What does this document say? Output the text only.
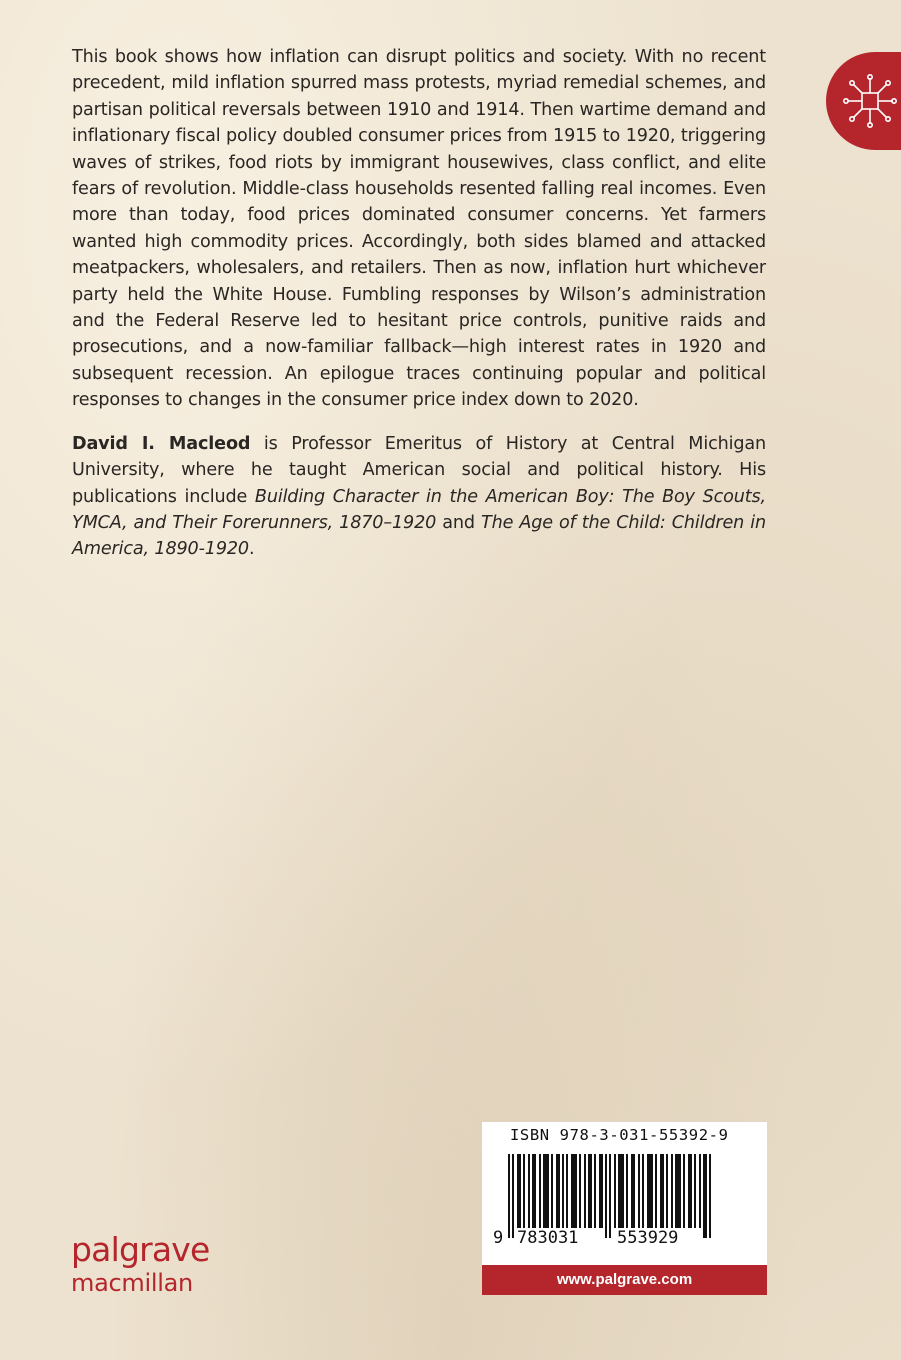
This book shows how inflation can disrupt politics and society. With no recent precedent, mild inflation spurred mass protests, myriad remedial schemes, and partisan political reversals between 1910 and 1914. Then wartime demand and inflationary fiscal policy doubled consumer prices from 1915 to 1920, triggering waves of strikes, food riots by immigrant housewives, class conflict, and elite fears of revolution. Middle-class households resented falling real incomes. Even more than today, food prices dominated consumer concerns. Yet farmers wanted high commodity prices. Accordingly, both sides blamed and attacked meatpackers, wholesalers, and retailers. Then as now, inflation hurt whichever party held the White House. Fumbling responses by Wilson’s administration and the Federal Reserve led to hesitant price controls, punitive raids and prosecutions, and a now-familiar fallback—high interest rates in 1920 and subsequent recession. An epilogue traces continuing popular and political responses to changes in the consumer price index down to 2020.

David I. Macleod is Professor Emeritus of History at Central Michigan University, where he taught American social and political history. His publications include Building Character in the American Boy: The Boy Scouts, YMCA, and Their Forerunners, 1870–1920 and The Age of the Child: Children in America, 1890-1920.

ISBN 978-3-031-55392-9
9 783031 553929
www.palgrave.com
palgrave
macmillan
